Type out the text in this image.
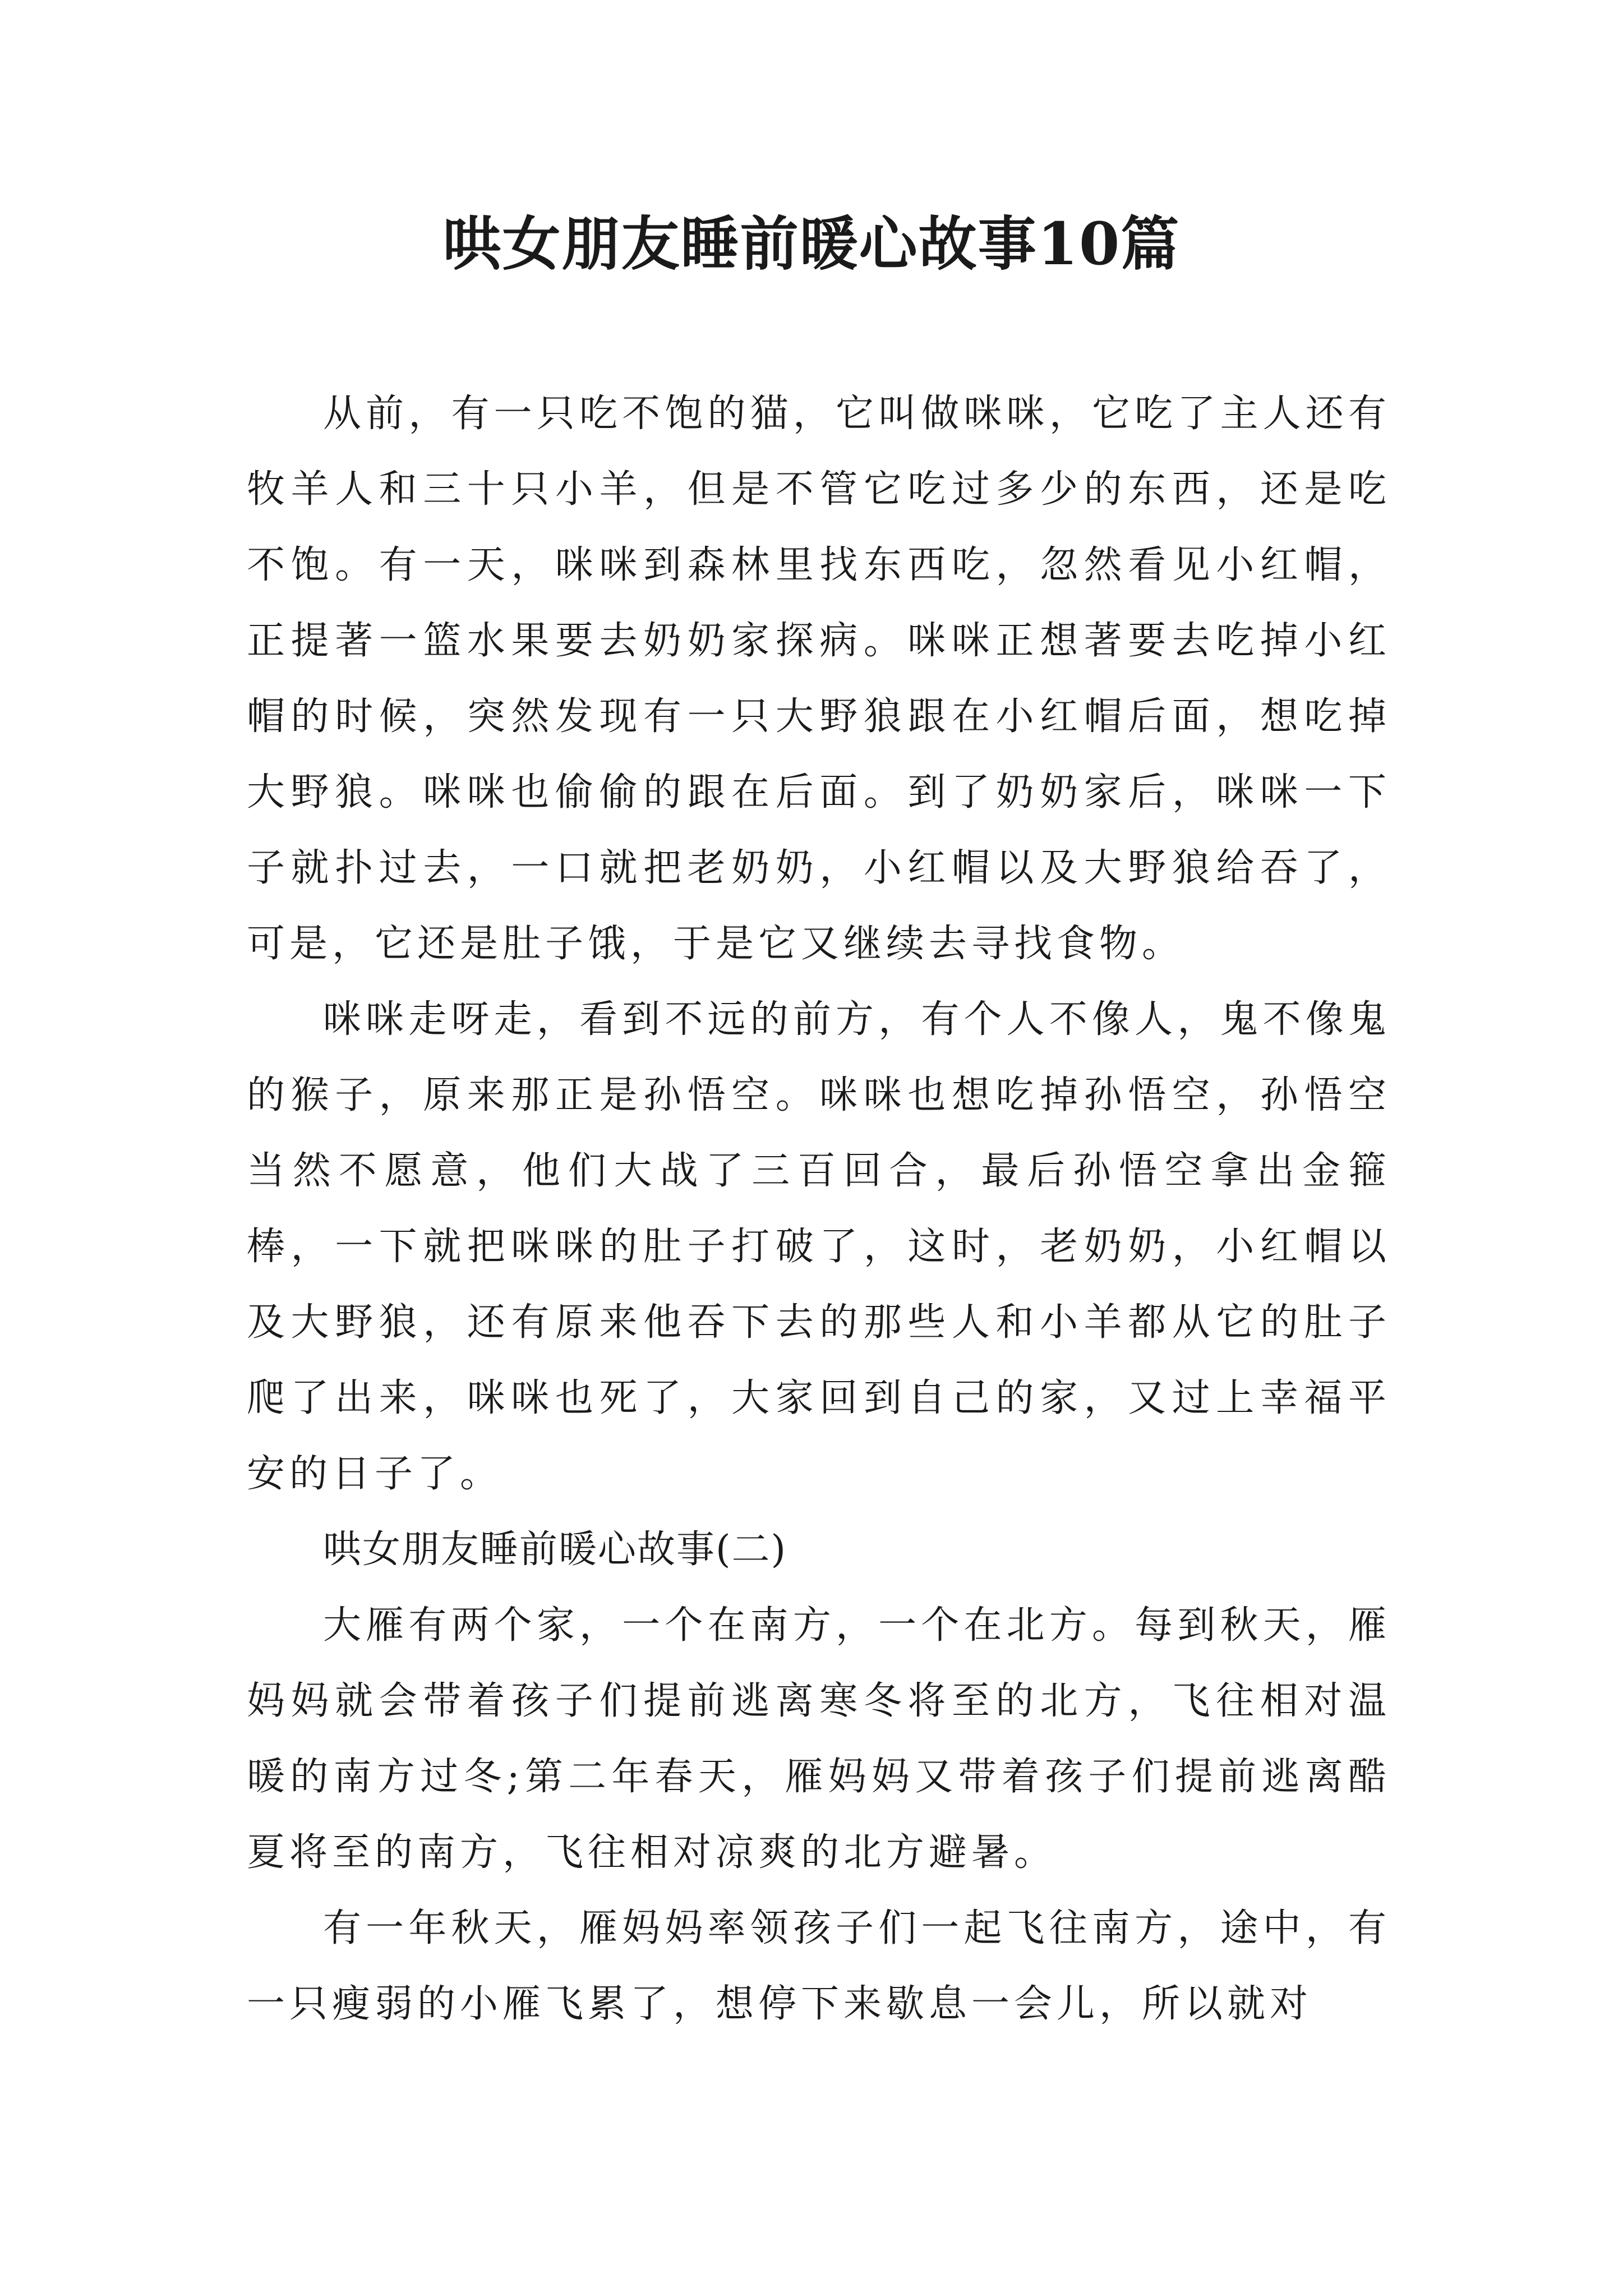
哄女朋友睡前暖心故事10篇

从前，有一只吃不饱的猫，它叫做咪咪，它吃了主人还有牧羊人和三十只小羊，但是不管它吃过多少的东西，还是吃不饱。有一天，咪咪到森林里找东西吃，忽然看见小红帽，正提著一篮水果要去奶奶家探病。咪咪正想著要去吃掉小红帽的时候，突然发现有一只大野狼跟在小红帽后面，想吃掉大野狼。咪咪也偷偷的跟在后面。到了奶奶家后，咪咪一下子就扑过去，一口就把老奶奶，小红帽以及大野狼给吞了，可是，它还是肚子饿，于是它又继续去寻找食物。

咪咪走呀走，看到不远的前方，有个人不像人，鬼不像鬼的猴子，原来那正是孙悟空。咪咪也想吃掉孙悟空，孙悟空当然不愿意，他们大战了三百回合，最后孙悟空拿出金箍棒，一下就把咪咪的肚子打破了，这时，老奶奶，小红帽以及大野狼，还有原来他吞下去的那些人和小羊都从它的肚子爬了出来，咪咪也死了，大家回到自己的家，又过上幸福平安的日子了。

哄女朋友睡前暖心故事(二)

大雁有两个家，一个在南方，一个在北方。每到秋天，雁妈妈就会带着孩子们提前逃离寒冬将至的北方，飞往相对温暖的南方过冬;第二年春天，雁妈妈又带着孩子们提前逃离酷夏将至的南方，飞往相对凉爽的北方避暑。

有一年秋天，雁妈妈率领孩子们一起飞往南方，途中，有一只瘦弱的小雁飞累了，想停下来歇息一会儿，所以就对
